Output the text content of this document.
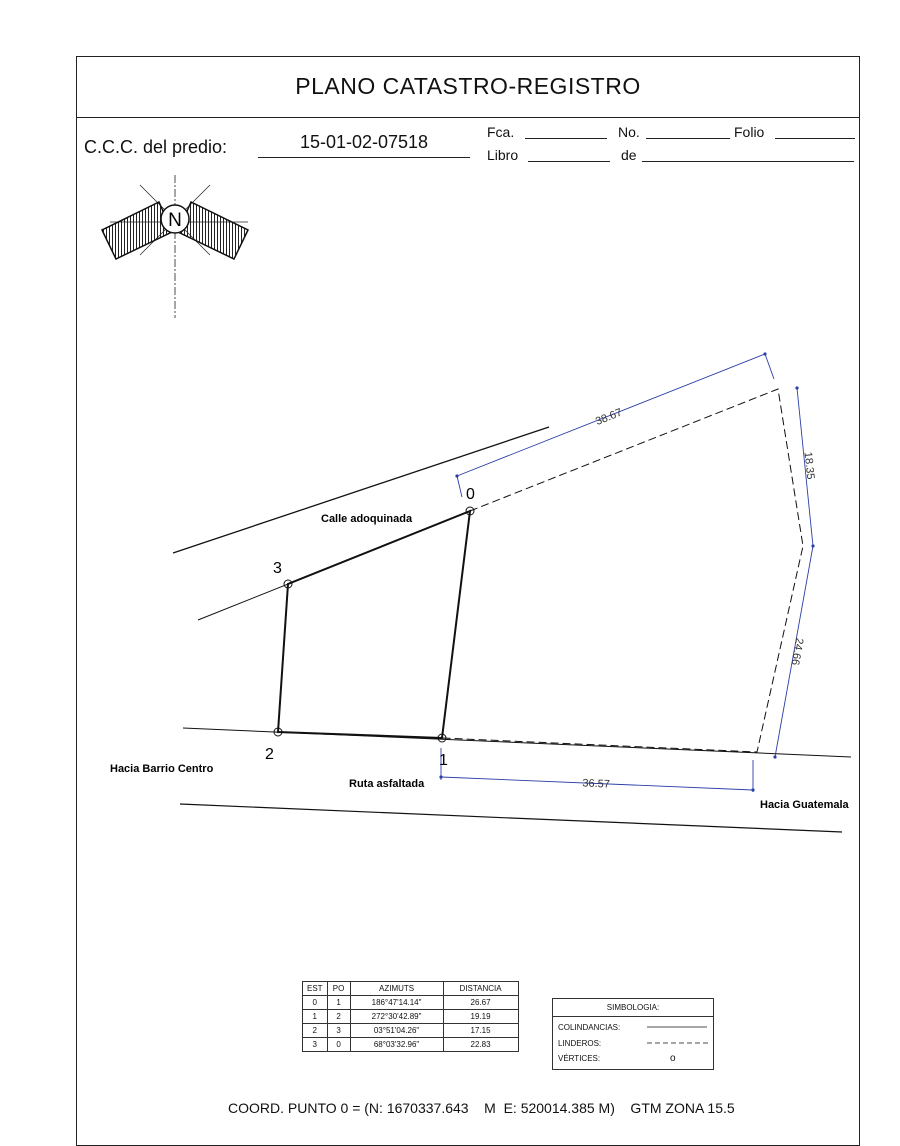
PLANO CATASTRO-REGISTRO
C.C.C. del predio:	15-01-02-07518	Fca.	No.	Folio
Libro	de
N
38.67
18.35
24.66
36.57
0
1
2
3
Calle adoquinada
Ruta asfaltada
Hacia Barrio Centro
Hacia Guatemala
EST	PO	AZIMUTS	DISTANCIA
0	1	186°47'14.14"	26.67
1	2	272°30'42.89"	19.19
2	3	03°51'04.26"	17.15
3	0	68°03'32.96"	22.83
SIMBOLOGIA:
COLINDANCIAS:
LINDEROS:
VÉRTICES:	o
COORD. PUNTO 0 = (N: 1670337.643    M  E: 520014.385 M)    GTM ZONA 15.5
